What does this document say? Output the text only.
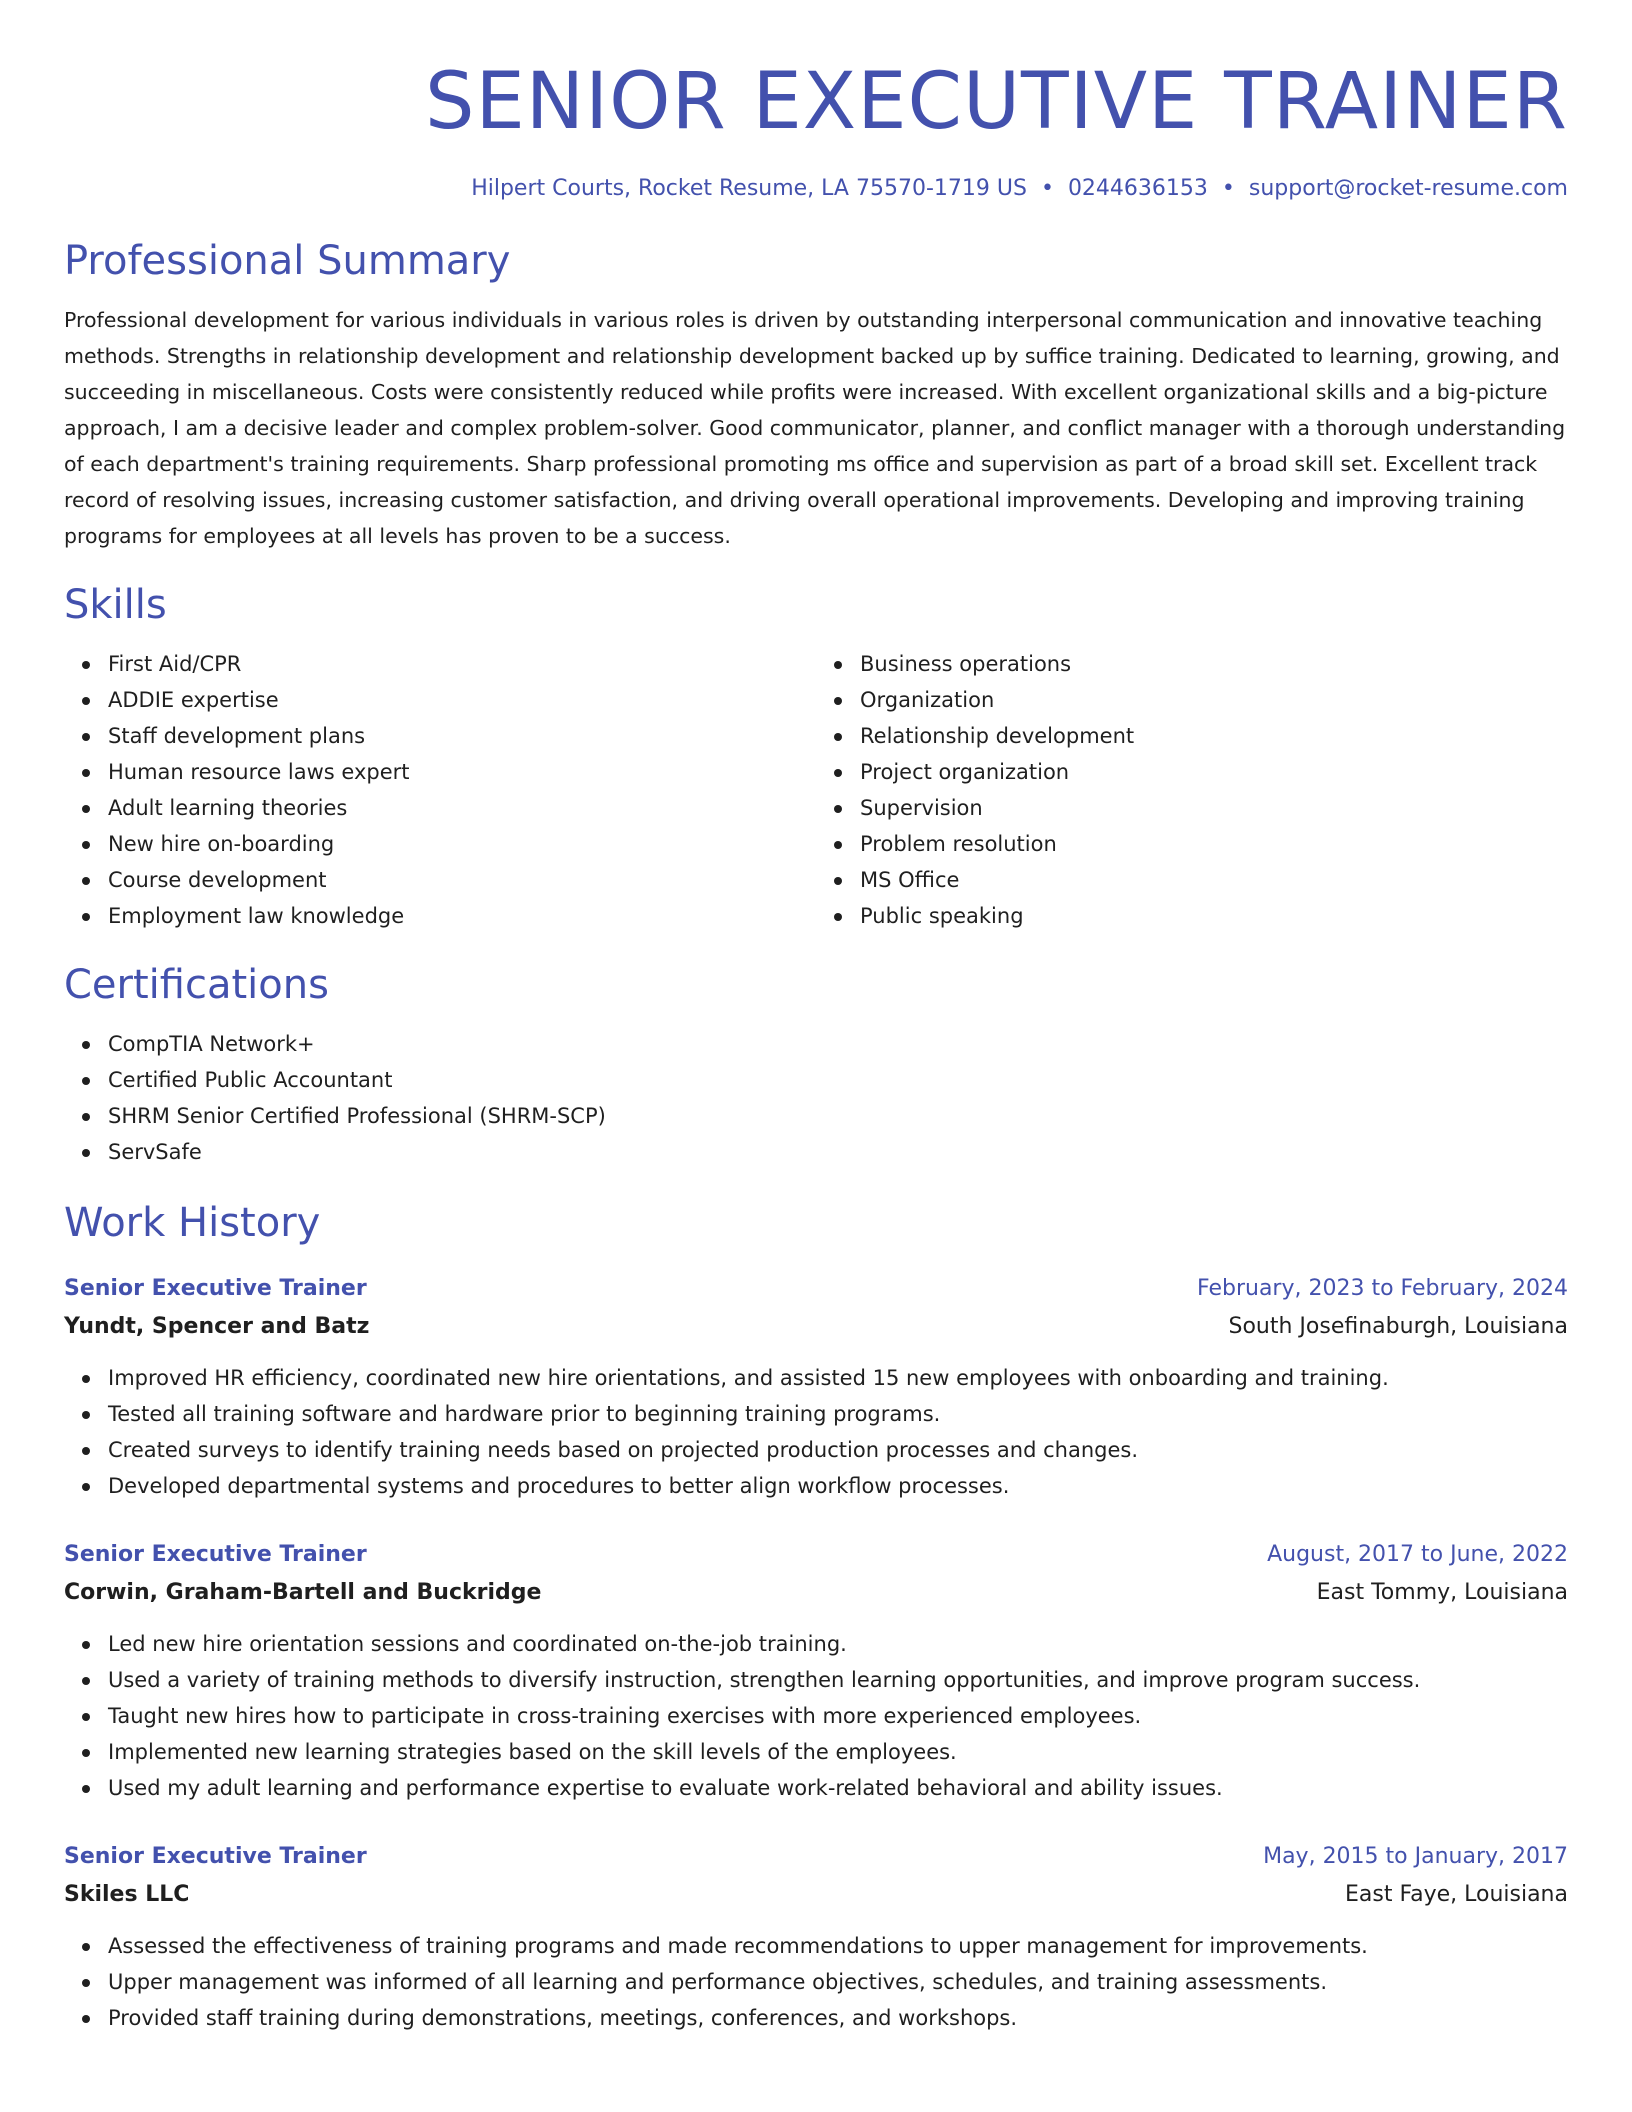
SENIOR EXECUTIVE TRAINER
Hilpert Courts, Rocket Resume, LA 75570-1719 US • 0244636153 • support@rocket-resume.com
Professional Summary

Professional development for various individuals in various roles is driven by outstanding interpersonal communication and innovative teaching methods. Strengths in relationship development and relationship development backed up by suffice training. Dedicated to learning, growing, and succeeding in miscellaneous. Costs were consistently reduced while profits were increased. With excellent organizational skills and a big-picture approach, I am a decisive leader and complex problem-solver. Good communicator, planner, and conflict manager with a thorough understanding of each department's training requirements. Sharp professional promoting ms office and supervision as part of a broad skill set. Excellent track record of resolving issues, increasing customer satisfaction, and driving overall operational improvements. Developing and improving training programs for employees at all levels has proven to be a success.

Skills
First Aid/CPR
ADDIE expertise
Staff development plans
Human resource laws expert
Adult learning theories
New hire on-boarding
Course development
Employment law knowledge
Business operations
Organization
Relationship development
Project organization
Supervision
Problem resolution
MS Office
Public speaking
Certifications
CompTIA Network+
Certified Public Accountant
SHRM Senior Certified Professional (SHRM-SCP)
ServSafe
Work History
Senior Executive Trainer	February, 2023 to February, 2024
Yundt, Spencer and Batz	South Josefinaburgh, Louisiana
Improved HR efficiency, coordinated new hire orientations, and assisted 15 new employees with onboarding and training.
Tested all training software and hardware prior to beginning training programs.
Created surveys to identify training needs based on projected production processes and changes.
Developed departmental systems and procedures to better align workflow processes.
Senior Executive Trainer	August, 2017 to June, 2022
Corwin, Graham-Bartell and Buckridge	East Tommy, Louisiana
Led new hire orientation sessions and coordinated on-the-job training.
Used a variety of training methods to diversify instruction, strengthen learning opportunities, and improve program success.
Taught new hires how to participate in cross-training exercises with more experienced employees.
Implemented new learning strategies based on the skill levels of the employees.
Used my adult learning and performance expertise to evaluate work-related behavioral and ability issues.
Senior Executive Trainer	May, 2015 to January, 2017
Skiles LLC	East Faye, Louisiana
Assessed the effectiveness of training programs and made recommendations to upper management for improvements.
Upper management was informed of all learning and performance objectives, schedules, and training assessments.
Provided staff training during demonstrations, meetings, conferences, and workshops.
